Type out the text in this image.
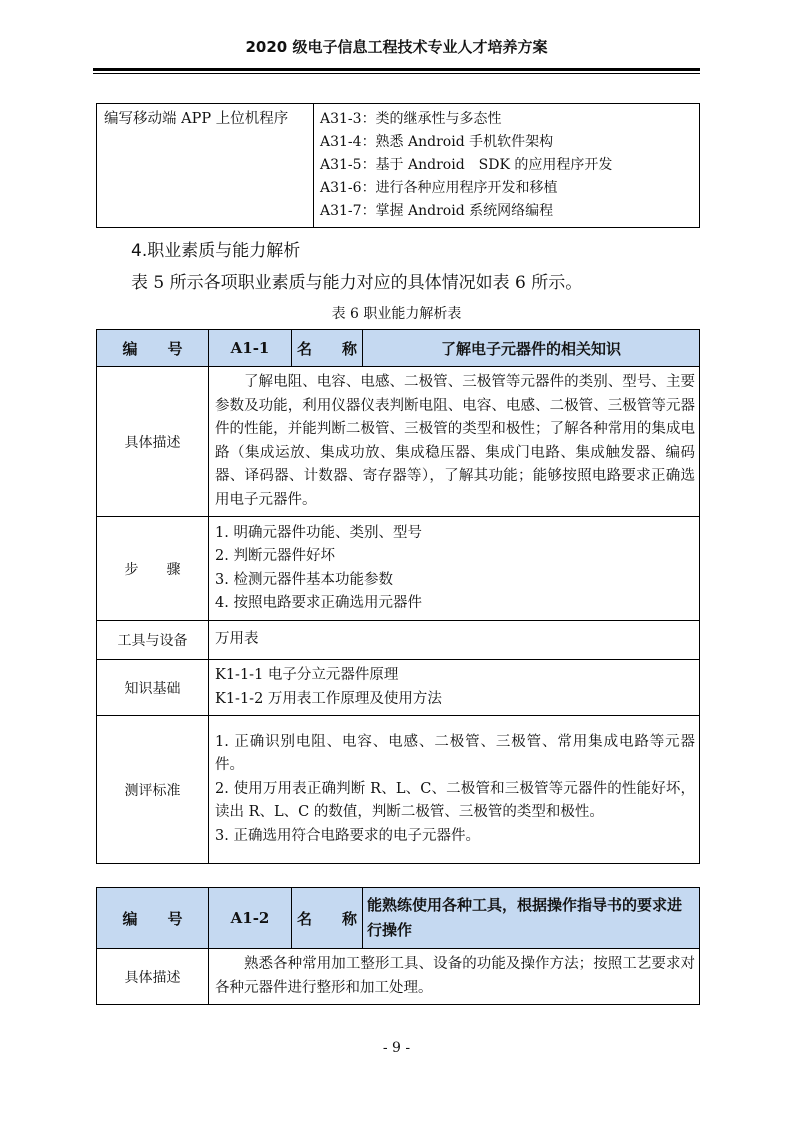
2020 级电子信息工程技术专业人才培养方案
编写移动端 APP 上位机程序	A31-3：类的继承性与多态性
A31-4：熟悉 Android 手机软件架构
A31-5：基于 Android　SDK 的应用程序开发
A31-6：进行各种应用程序开发和移植
A31-7：掌握 Android 系统网络编程
4.职业素质与能力解析
表 5 所示各项职业素质与能力对应的具体情况如表 6 所示。
表 6 职业能力解析表
编　　号	A1-1	名　　称	了解电子元器件的相关知识
具体描述	了解电阻、电容、电感、二极管、三极管等元器件的类别、型号、主要参数及功能，利用仪器仪表判断电阻、电容、电感、二极管、三极管等元器件的性能，并能判断二极管、三极管的类型和极性；了解各种常用的集成电路（集成运放、集成功放、集成稳压器、集成门电路、集成触发器、编码器、译码器、计数器、寄存器等），了解其功能；能够按照电路要求正确选用电子元器件。		
步　　骤	1. 明确元器件功能、类别、型号
2. 判断元器件好坏
3. 检测元器件基本功能参数
4. 按照电路要求正确选用元器件		

工具与设备	万用表		
知识基础	K1-1-1 电子分立元器件原理
K1-1-2 万用表工作原理及使用方法		

测评标准	1. 正确识别电阻、电容、电感、二极管、三极管、常用集成电路等元器件。
2. 使用万用表正确判断 R、L、C、二极管和三极管等元器件的性能好坏，读出 R、L、C 的数值，判断二极管、三极管的类型和极性。
3. 正确选用符合电路要求的电子元器件。		
编　　号	A1-2	名　　称	能熟练使用各种工具，根据操作指导书的要求进行操作
具体描述	熟悉各种常用加工整形工具、设备的功能及操作方法；按照工艺要求对各种元器件进行整形和加工处理。		
- 9 -
